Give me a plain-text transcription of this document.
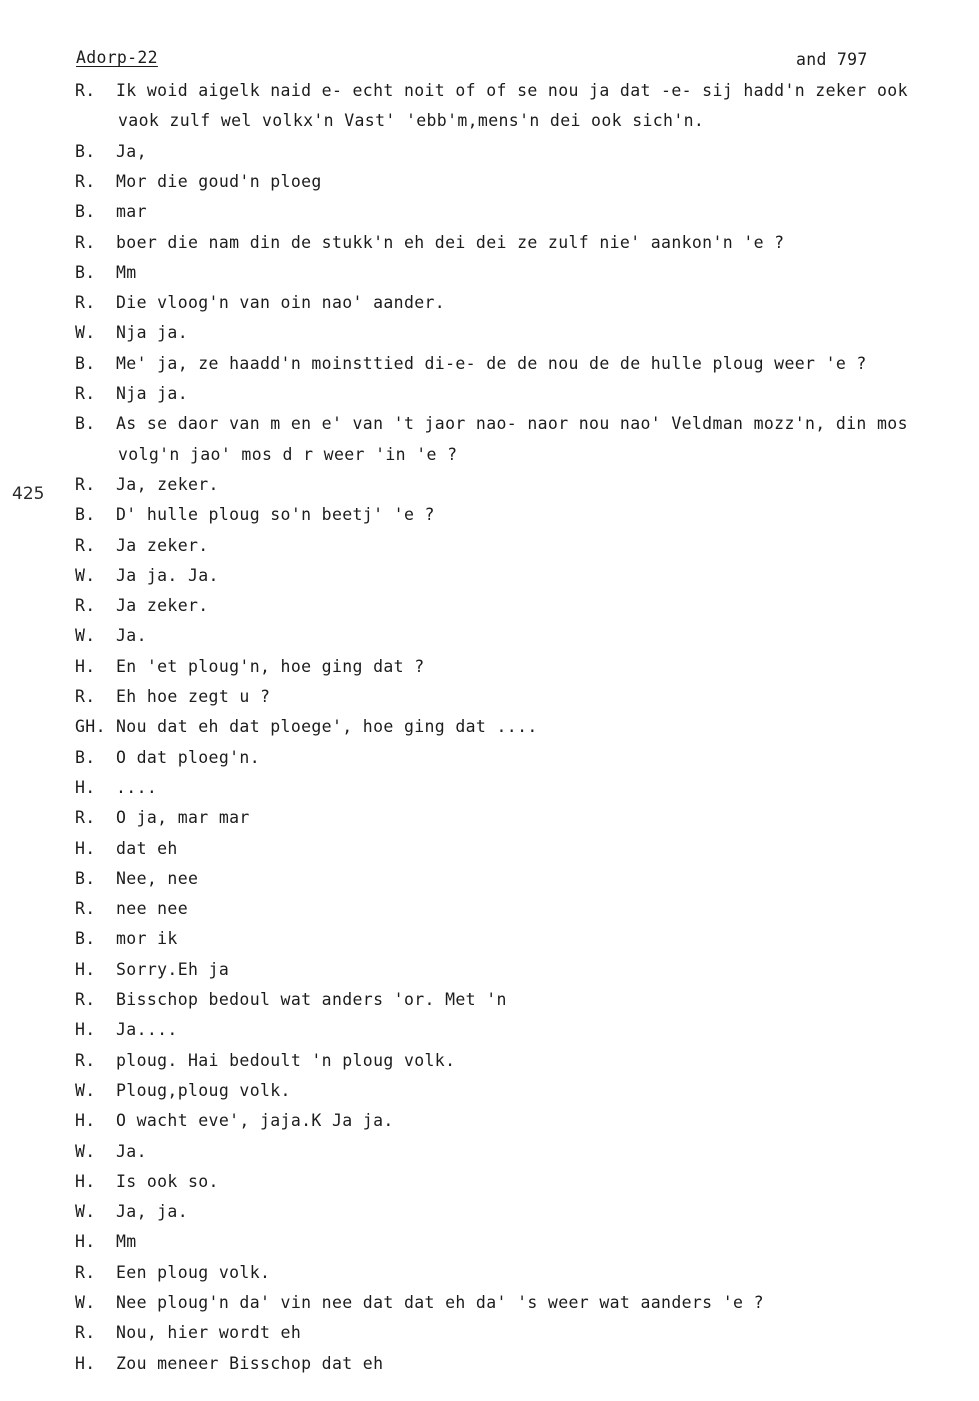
Adorp-22	and 797
425
R. Ik woid aigelk naid e- echt noit of of se nou ja dat -e- sij hadd'n zeker ook
vaok zulf wel volkx'n Vast' 'ebb'm,mens'n dei ook sich'n.
B. Ja,
R. Mor die goud'n ploeg
B. mar
R. boer die nam din de stukk'n eh dei dei ze zulf nie' aankon'n 'e ?
B. Mm
R. Die vloog'n van oin nao' aander.
W. Nja ja.
B. Me' ja, ze haadd'n moinsttied di-e- de de nou de de hulle ploug weer 'e ?
R. Nja ja.
B. As se daor van m en e' van 't jaor nao- naor nou nao' Veldman mozz'n, din mos
volg'n jao' mos d r weer 'in 'e ?
R. Ja, zeker.
B. D' hulle ploug so'n beetj' 'e ?
R. Ja zeker.
W. Ja ja. Ja.
R. Ja zeker.
W. Ja.
H. En 'et ploug'n, hoe ging dat ?
R. Eh hoe zegt u ?
GH. Nou dat eh dat ploege', hoe ging dat ....
B. O dat ploeg'n.
H. ....
R. O ja, mar mar
H. dat eh
B. Nee, nee
R. nee nee
B. mor ik
H. Sorry.Eh ja
R. Bisschop bedoul wat anders 'or. Met 'n
H. Ja....
R. ploug. Hai bedoult 'n ploug volk.
W. Ploug,ploug volk.
H. O wacht eve', jaja.K Ja ja.
W. Ja.
H. Is ook so.
W. Ja, ja.
H. Mm
R. Een ploug volk.
W. Nee ploug'n da' vin nee dat dat eh da' 's weer wat aanders 'e ?
R. Nou, hier wordt eh
H. Zou meneer Bisschop dat eh
